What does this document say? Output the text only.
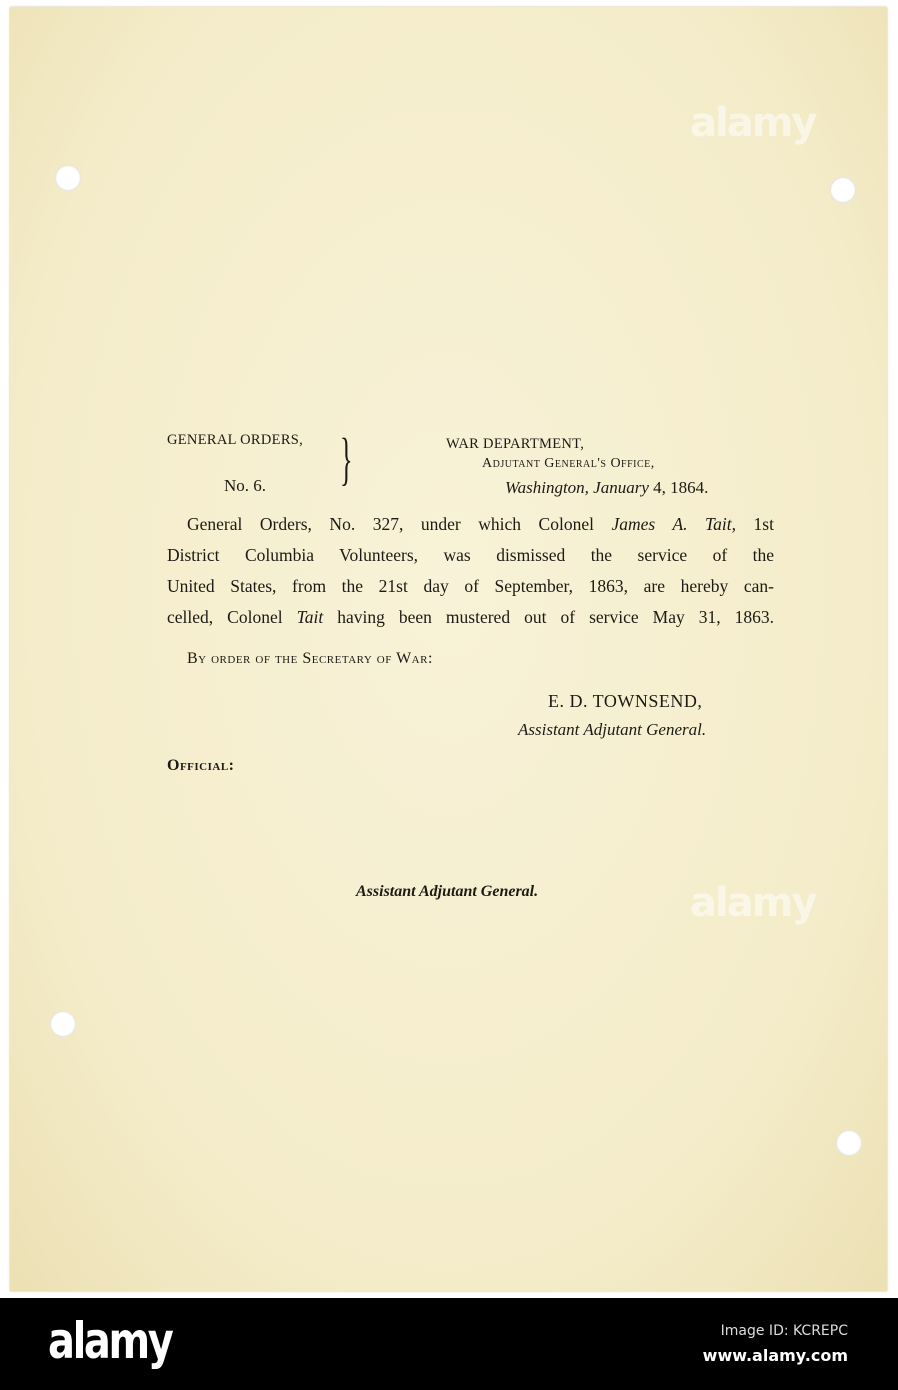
alamy
alamy
GENERAL ORDERS,
No. 6. }	WAR DEPARTMENT,
Adjutant General's Office,
Washington, January 4, 1864.
General Orders, No. 327, under which Colonel James A. Tait, 1st
District Columbia Volunteers, was dismissed the service of the
United States, from the 21st day of September, 1863, are hereby can-
celled, Colonel Tait having been mustered out of service May 31, 1863.
By order of the Secretary of War:
E. D. TOWNSEND,
Assistant Adjutant General.
Official:
Assistant Adjutant General.
alamy	Image ID: KCREPC
www.alamy.com
